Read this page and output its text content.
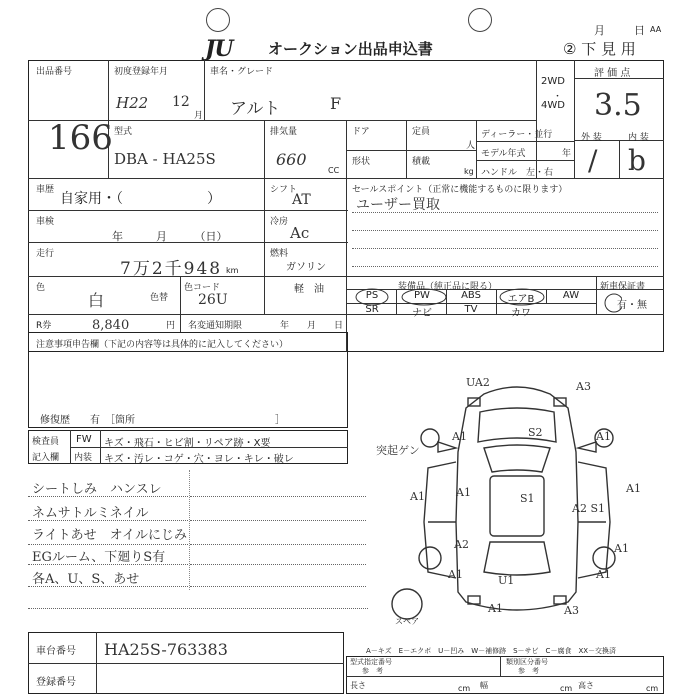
JU オークション出品申込書
月	日 AA
② 下 見 用
出品番号
166
初度登録年月
H22 12
月
車名・グレード
アルト	F
2WD
4WD
・
評 価 点
3.5
型式
DBA - HA25S
排気量
660
CC
ドア	定員
人
形状	積載
kg
ディーラー・並行
モデル年式	年
ハンドル　左・右
外 装	内 装
/ b
車歴
自家用・（　　　　　　）
シフト
AT
セールスポイント（正常に機能するものに限ります）
ユーザー買取
車検
年　　　月　　　（日）
冷房
Ac
走行
7万2千948 km
燃料
ガソリン
色
白	色替
色コード
26U
軽　油	装備品（純正品に限る）	新車保証書
PS	PW	ABS	エアB	AW
SR	ナビ	TV	カワ
有・無
R券	8,840	円 名変通知期限	年　　月　　日
注意事項申告欄（下記の内容等は具体的に記入してください）
修復歴　　有　［箇所　　　　　　　　　　　　　　］
検査員
記入欄
FW
内装
キズ・飛石・ヒビ割・リペア跡・X要
キズ・汚レ・コゲ・穴・ヨレ・キレ・破レ
シートしみ　ハンスレ
ネムサトルミネイル
ライトあせ　オイルにじみ
EGルーム、下廻りS有
各A、U、S、あせ
スペア
UA2	A3
A1	S2	A1
突起ゲン
A1	A1	S1
A2 S1
A1
A2
A1	U1	A1
A1	A3
A1
車台番号 HA25S-763383
登録番号
A－キズ　E－エクボ　U－凹み　W－補修跡　S－サビ　C－腐食　XX－交換済
型式指定番号
参　考
類別区分番号
参　考
長さ	cm 幅	cm 高さ	cm
